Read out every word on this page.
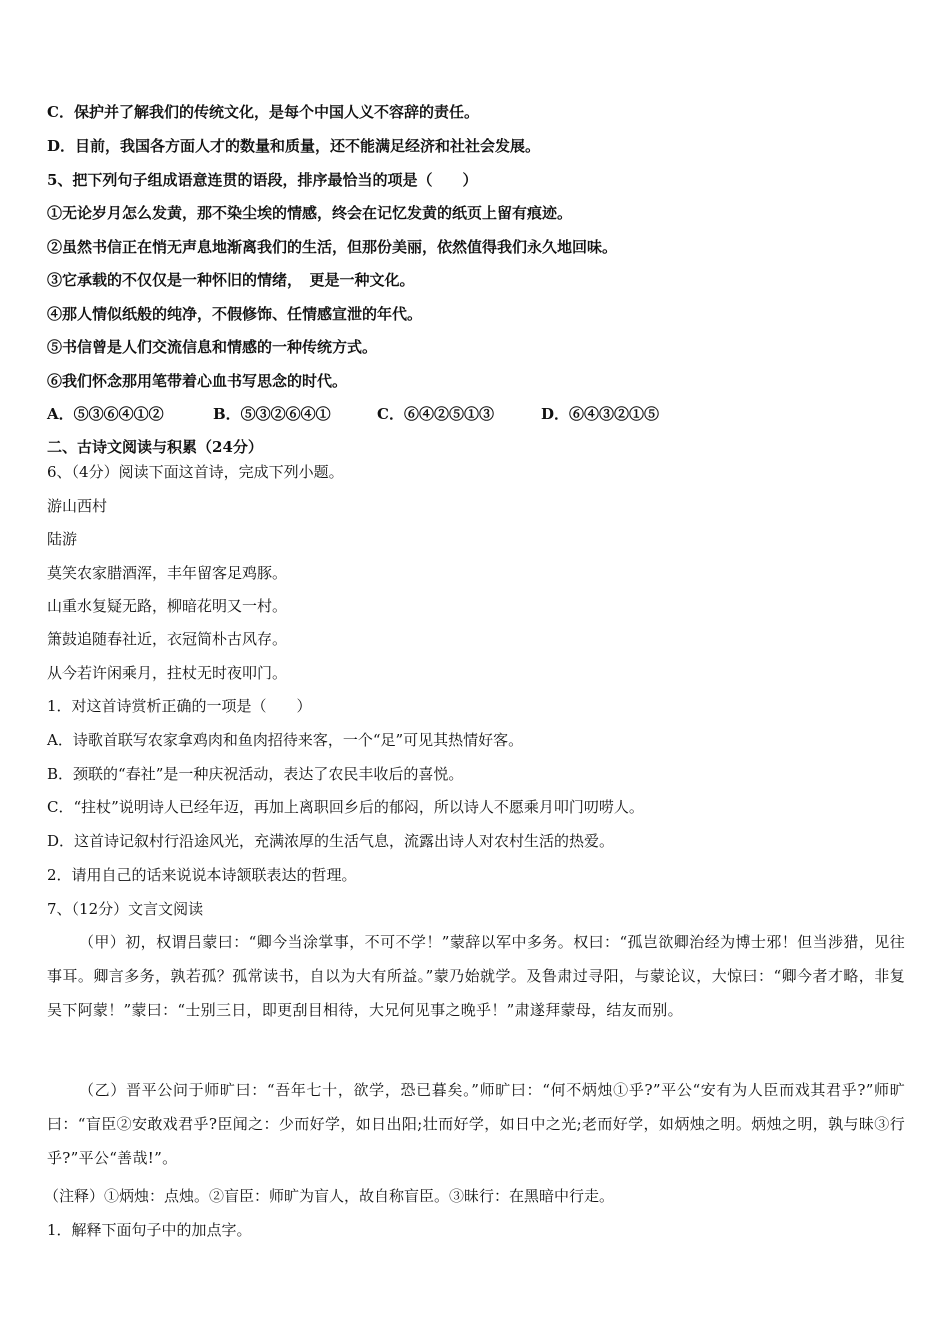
C．保护并了解我们的传统文化，是每个中国人义不容辞的责任。
D．目前，我国各方面人才的数量和质量，还不能满足经济和社社会发展。
5、把下列句子组成语意连贯的语段，排序最恰当的项是（　　）
①无论岁月怎么发黄，那不染尘埃的情感，终会在记忆发黄的纸页上留有痕迹。
②虽然书信正在悄无声息地渐离我们的生活，但那份美丽，依然值得我们永久地回味。
③它承载的不仅仅是一种怀旧的情绪，　更是一种文化。
④那人情似纸般的纯净，不假修饰、任情感宣泄的年代。
⑤书信曾是人们交流信息和情感的一种传统方式。
⑥我们怀念那用笔带着心血书写思念的时代。
A．⑤③⑥④①②	B．⑤③②⑥④①	C．⑥④②⑤①③	D．⑥④③②①⑤
二、古诗文阅读与积累（24分）
6、（4分）阅读下面这首诗，完成下列小题。
游山西村
陆游
莫笑农家腊酒浑，丰年留客足鸡豚。
山重水复疑无路，柳暗花明又一村。
箫鼓追随春社近，衣冠简朴古风存。
从今若许闲乘月，拄杖无时夜叩门。
1．对这首诗赏析正确的一项是（　　）
A．诗歌首联写农家拿鸡肉和鱼肉招待来客，一个“足”可见其热情好客。
B．颈联的“春社”是一种庆祝活动，表达了农民丰收后的喜悦。
C．“拄杖”说明诗人已经年迈，再加上离职回乡后的郁闷，所以诗人不愿乘月叩门叨唠人。
D．这首诗记叙村行沿途风光，充满浓厚的生活气息，流露出诗人对农村生活的热爱。
2．请用自己的话来说说本诗颔联表达的哲理。
7、（12分）文言文阅读
（甲）初，权谓吕蒙曰：“卿今当涂掌事，不可不学！”蒙辞以军中多务。权曰：“孤岂欲卿治经为博士邪！但当涉猎，见往事耳。卿言多务，孰若孤？孤常读书，自以为大有所益。”蒙乃始就学。及鲁肃过寻阳，与蒙论议，大惊曰：“卿今者才略，非复吴下阿蒙！”蒙曰：“士别三日，即更刮目相待，大兄何见事之晚乎！”肃遂拜蒙母，结友而别。
（乙）晋平公问于师旷曰：“吾年七十，欲学，恐已暮矣。”师旷曰：“何不炳烛①乎?”平公“安有为人臣而戏其君乎?”师旷曰：“盲臣②安敢戏君乎?臣闻之：少而好学，如日出阳;壮而好学，如日中之光;老而好学，如炳烛之明。炳烛之明，孰与昧③行乎?”平公“善哉!”。
（注释）①炳烛：点烛。②盲臣：师旷为盲人，故自称盲臣。③昧行：在黑暗中行走。
1．解释下面句子中的加点字。
